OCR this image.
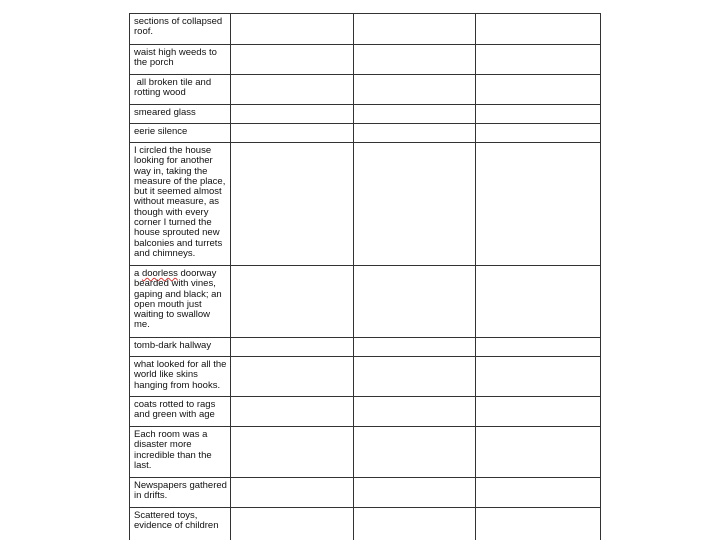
sections of collapsed roof.			
waist high weeds to the porch			
all broken tile and rotting wood			
smeared glass			
eerie silence			
I circled the house looking for another way in, taking the measure of the place, but it seemed almost without measure, as though with every corner I turned the house sprouted new balconies and turrets and chimneys.			
a doorless doorway bearded with vines, gaping and black; an open mouth just waiting to swallow me.			
tomb-dark hallway			
what looked for all the world like skins hanging from hooks.			
coats rotted to rags and green with age			
Each room was a disaster more incredible than the last.			
Newspapers gathered in drifts.			
Scattered toys, evidence of children			
